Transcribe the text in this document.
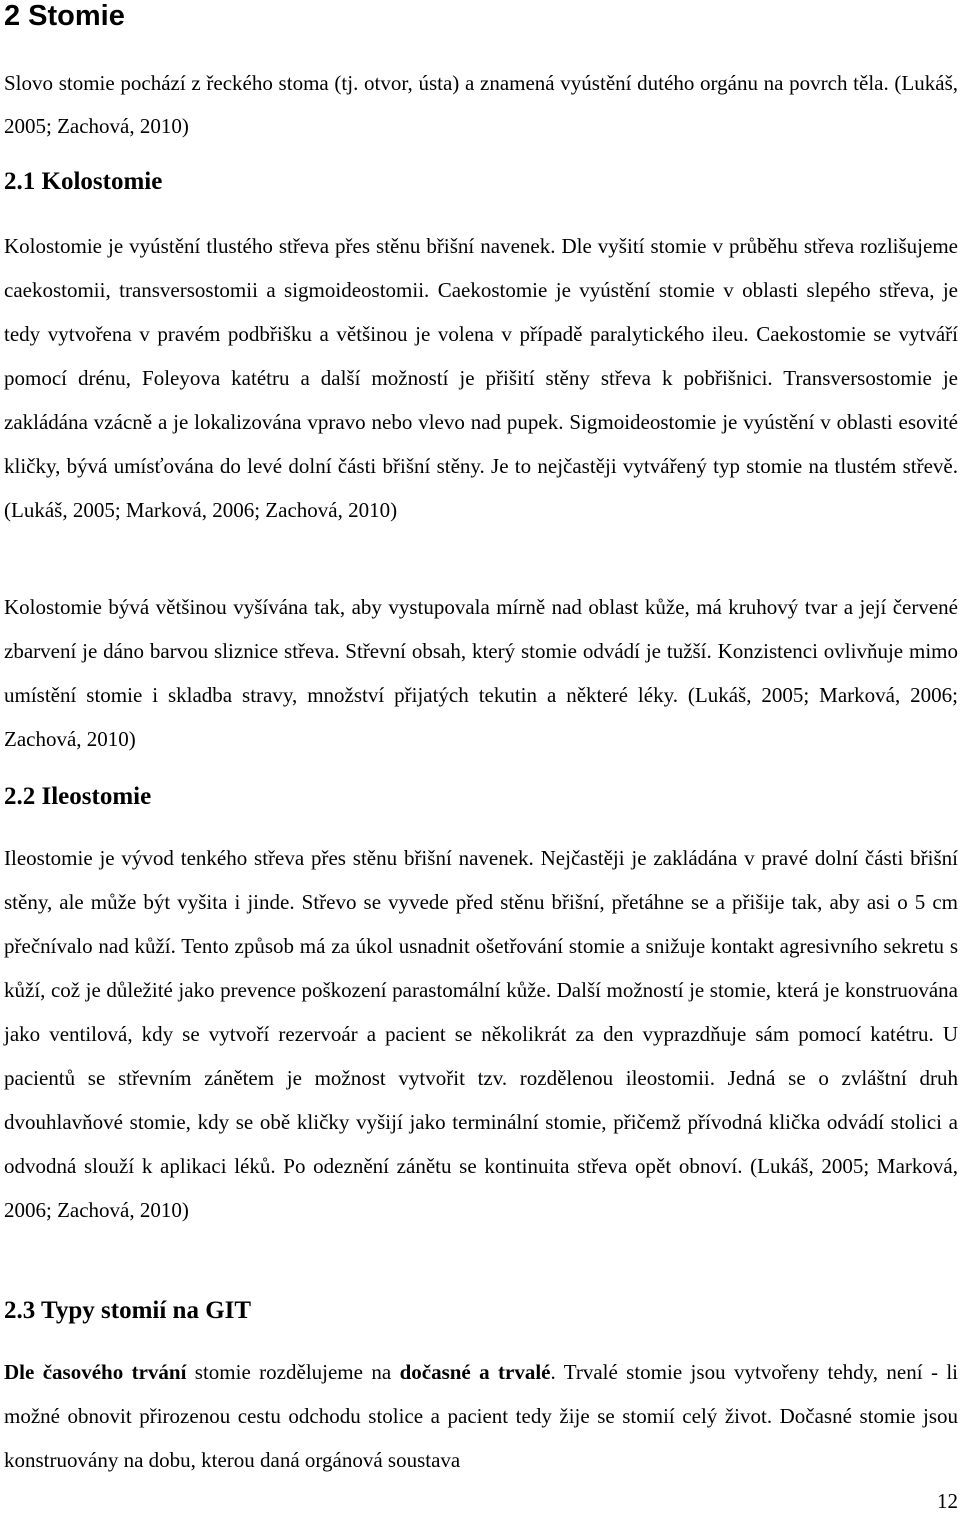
2 Stomie

Slovo stomie pochází z řeckého stoma (tj. otvor, ústa) a znamená vyústění dutého orgánu na povrch těla. (Lukáš, 2005; Zachová, 2010)

2.1 Kolostomie

Kolostomie je vyústění tlustého střeva přes stěnu břišní navenek. Dle vyšití stomie v průběhu střeva rozlišujeme caekostomii, transversostomii a sigmoideostomii. Caekostomie je vyústění stomie v oblasti slepého střeva, je tedy vytvořena v pravém podbřišku a většinou je volena v případě paralytického ileu. Caekostomie se vytváří pomocí drénu, Foleyova katétru a další možností je přišití stěny střeva k pobřišnici. Transversostomie je zakládána vzácně a je lokalizována vpravo nebo vlevo nad pupek. Sigmoideostomie je vyústění v oblasti esovité kličky, bývá umísťována do levé dolní části břišní stěny. Je to nejčastěji vytvářený typ stomie na tlustém střevě. (Lukáš, 2005; Marková, 2006; Zachová, 2010)

Kolostomie bývá většinou vyšívána tak, aby vystupovala mírně nad oblast kůže, má kruhový tvar a její červené zbarvení je dáno barvou sliznice střeva. Střevní obsah, který stomie odvádí je tužší. Konzistenci ovlivňuje mimo umístění stomie i skladba stravy, množství přijatých tekutin a některé léky. (Lukáš, 2005; Marková, 2006; Zachová, 2010)

2.2 Ileostomie

Ileostomie je vývod tenkého střeva přes stěnu břišní navenek. Nejčastěji je zakládána v pravé dolní části břišní stěny, ale může být vyšita i jinde. Střevo se vyvede před stěnu břišní, přetáhne se a přišije tak, aby asi o 5 cm přečnívalo nad kůží. Tento způsob má za úkol usnadnit ošetřování stomie a snižuje kontakt agresivního sekretu s kůží, což je důležité jako prevence poškození parastomální kůže. Další možností je stomie, která je konstruována jako ventilová, kdy se vytvoří rezervoár a pacient se několikrát za den vyprazdňuje sám pomocí katétru. U pacientů se střevním zánětem je možnost vytvořit tzv. rozdělenou ileostomii. Jedná se o zvláštní druh dvouhlavňové stomie, kdy se obě kličky vyšijí jako terminální stomie, přičemž přívodná klička odvádí stolici a odvodná slouží k aplikaci léků. Po odeznění zánětu se kontinuita střeva opět obnoví. (Lukáš, 2005; Marková, 2006; Zachová, 2010)

2.3 Typy stomií na GIT

Dle časového trvání stomie rozdělujeme na dočasné a trvalé. Trvalé stomie jsou vytvořeny tehdy, není - li možné obnovit přirozenou cestu odchodu stolice a pacient tedy žije se stomií celý život. Dočasné stomie jsou konstruovány na dobu, kterou daná orgánová soustava

12
